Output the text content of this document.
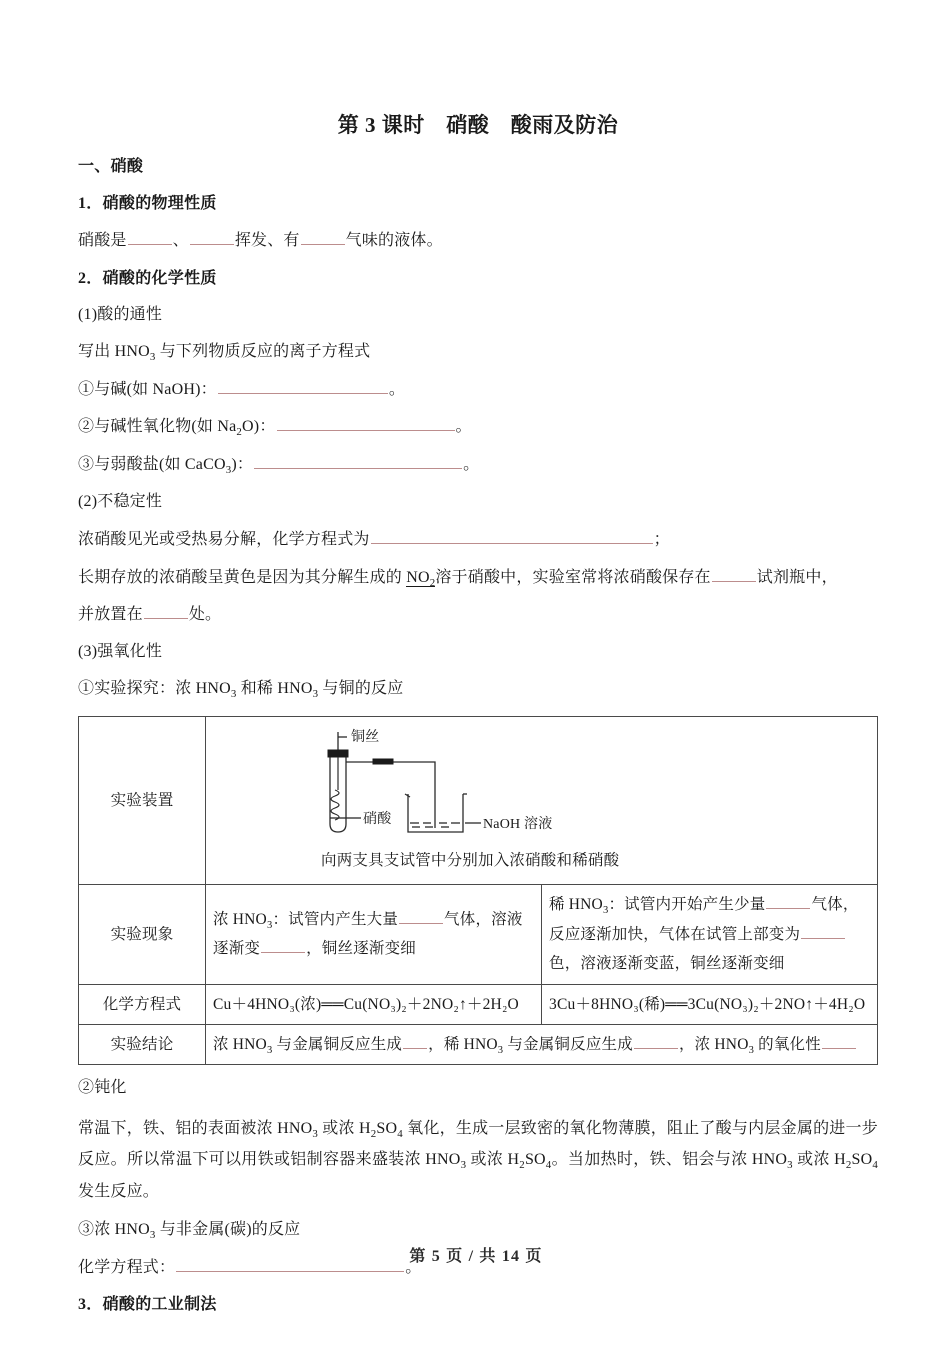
第 3 课时　硝酸　酸雨及防治
一、硝酸
1．硝酸的物理性质
硝酸是	、	挥发、有	气味的液体。
2．硝酸的化学性质
(1)酸的通性
写出 $HNO_3$ 与下列物质反应的离子方程式
①与碱(如 NaOH)：	。
②与碱性氧化物(如 $Na_2O$)：	。
③与弱酸盐(如 CaCO$_3$)：	。
(2)不稳定性
浓硝酸见光或受热易分解，化学方程式为	；
长期存放的浓硝酸呈黄色是因为其分解生成的 $NO_2$溶于硝酸中，实验室常将浓硝酸保存在	试剂瓶中，
并放置在	处。
(3)强氧化性
①实验探究：浓 $HNO_3$ 和稀 $HNO_3$ 与铜的反应
实验装置	铜丝
硝酸 NaOH 溶液
向两支具支试管中分别加入浓硝酸和稀硝酸	

实验现象	浓 $HNO_3$：试管内产生大量 气体，溶液逐渐变 ，铜丝逐渐变细	稀 $HNO_3$：试管内开始产生少量 气体，反应逐渐加快，气体在试管上部变为色，溶液逐渐变蓝，铜丝逐渐变细
化学方程式	Cu＋4HNO₃(浓)══Cu(NO₃)₂＋2NO₂↑＋2H₂O	3Cu＋8HNO₃(稀)══3Cu(NO₃)₂＋2NO↑＋4H₂O
实验结论	浓 $HNO_3$ 与金属铜反应生成 ，稀 $HNO_3$ 与金属铜反应生成 ，浓 $HNO_3$ 的氧化性	
②钝化
常温下，铁、铝的表面被浓 $HNO_3$ 或浓 $H_2SO_4$ 氧化，生成一层致密的氧化物薄膜，阻止了酸与内层金属的进一步反应。所以常温下可以用铁或铝制容器来盛装浓 $HNO_3$ 或浓 $H_2SO_4$。当加热时，铁、铝会与浓 $HNO_3$ 或浓 $H_2SO_4$ 发生反应。
③浓 $HNO_3$ 与非金属(碳)的反应
化学方程式：	。
3．硝酸的工业制法
第 5 页 / 共 14 页
